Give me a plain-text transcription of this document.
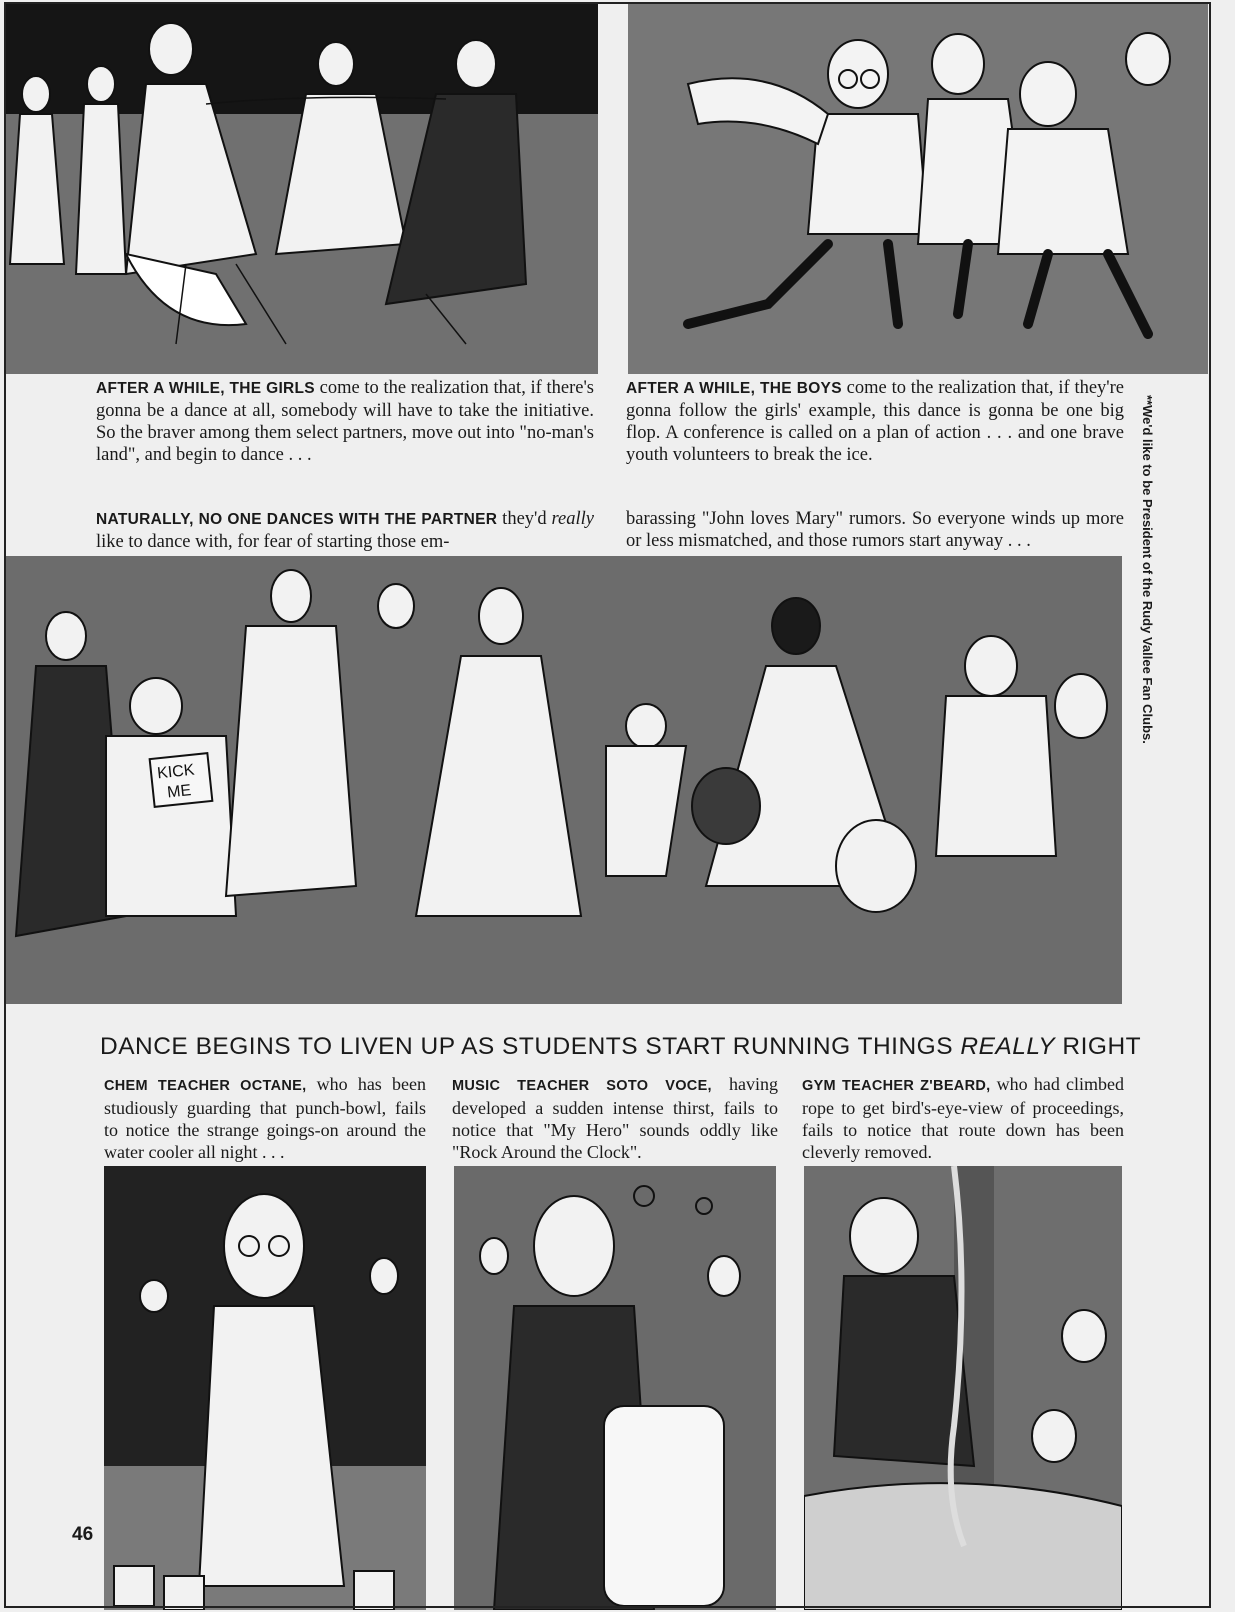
AFTER A WHILE, THE GIRLS come to the realization that, if there's gonna be a dance at all, somebody will have to take the initiative. So the braver among them select partners, move out into "no-man's land", and begin to dance . . .
AFTER A WHILE, THE BOYS come to the realization that, if they're gonna follow the girls' example, this dance is gonna be one big flop. A conference is called on a plan of action . . . and one brave youth volunteers to break the ice.
NATURALLY, NO ONE DANCES WITH THE PARTNER they'd really like to dance with, for fear of starting those em-
barassing "John loves Mary" rumors. So everyone winds up more or less mismatched, and those rumors start anyway . . .
KICK
ME
DANCE BEGINS TO LIVEN UP AS STUDENTS START RUNNING THINGS REALLY RIGHT
CHEM TEACHER OCTANE, who has been studiously guarding that punch-bowl, fails to notice the strange goings-on around the water cooler all night . . .
MUSIC TEACHER SOTO VOCE, having developed a sudden intense thirst, fails to notice that "My Hero" sounds oddly like "Rock Around the Clock".
GYM TEACHER Z'BEARD, who had climbed rope to get bird's-eye-view of proceedings, fails to notice that route down has been cleverly removed.
**We'd like to be President of the Rudy Vallee Fan Clubs.
46
